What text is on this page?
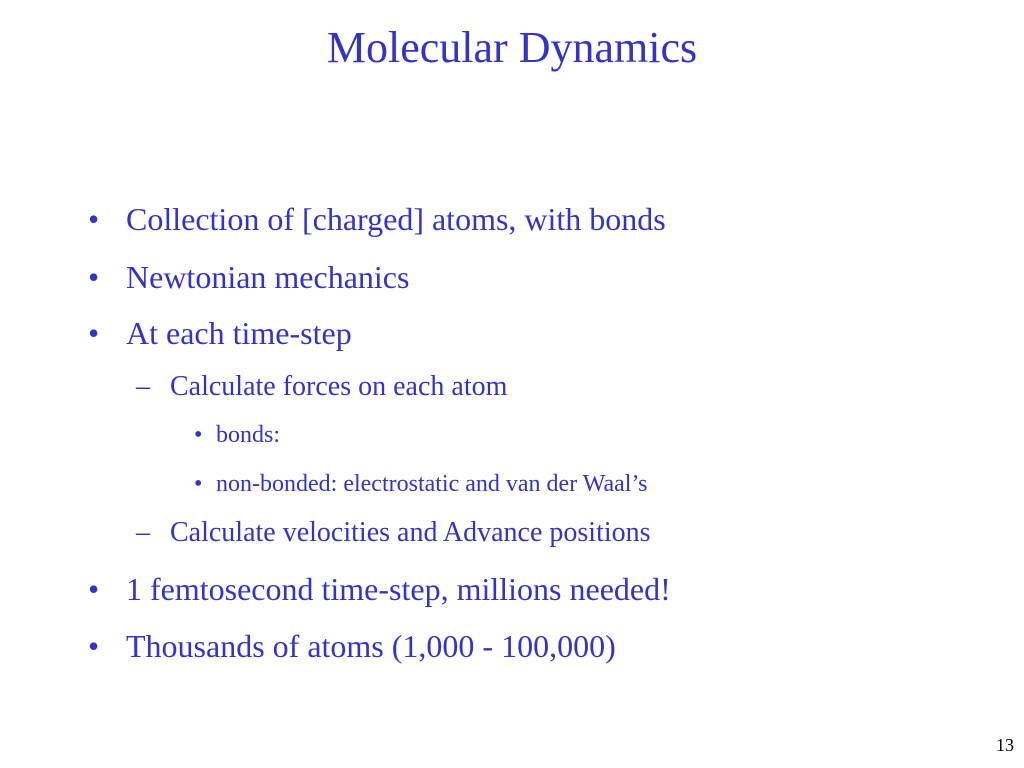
Molecular Dynamics
• Collection of [charged] atoms, with bonds
• Newtonian mechanics
• At each time-step
– Calculate forces on each atom
• bonds:
• non-bonded: electrostatic and van der Waal’s
– Calculate velocities and Advance positions
• 1 femtosecond time-step, millions needed!
• Thousands of atoms (1,000 - 100,000)
13
